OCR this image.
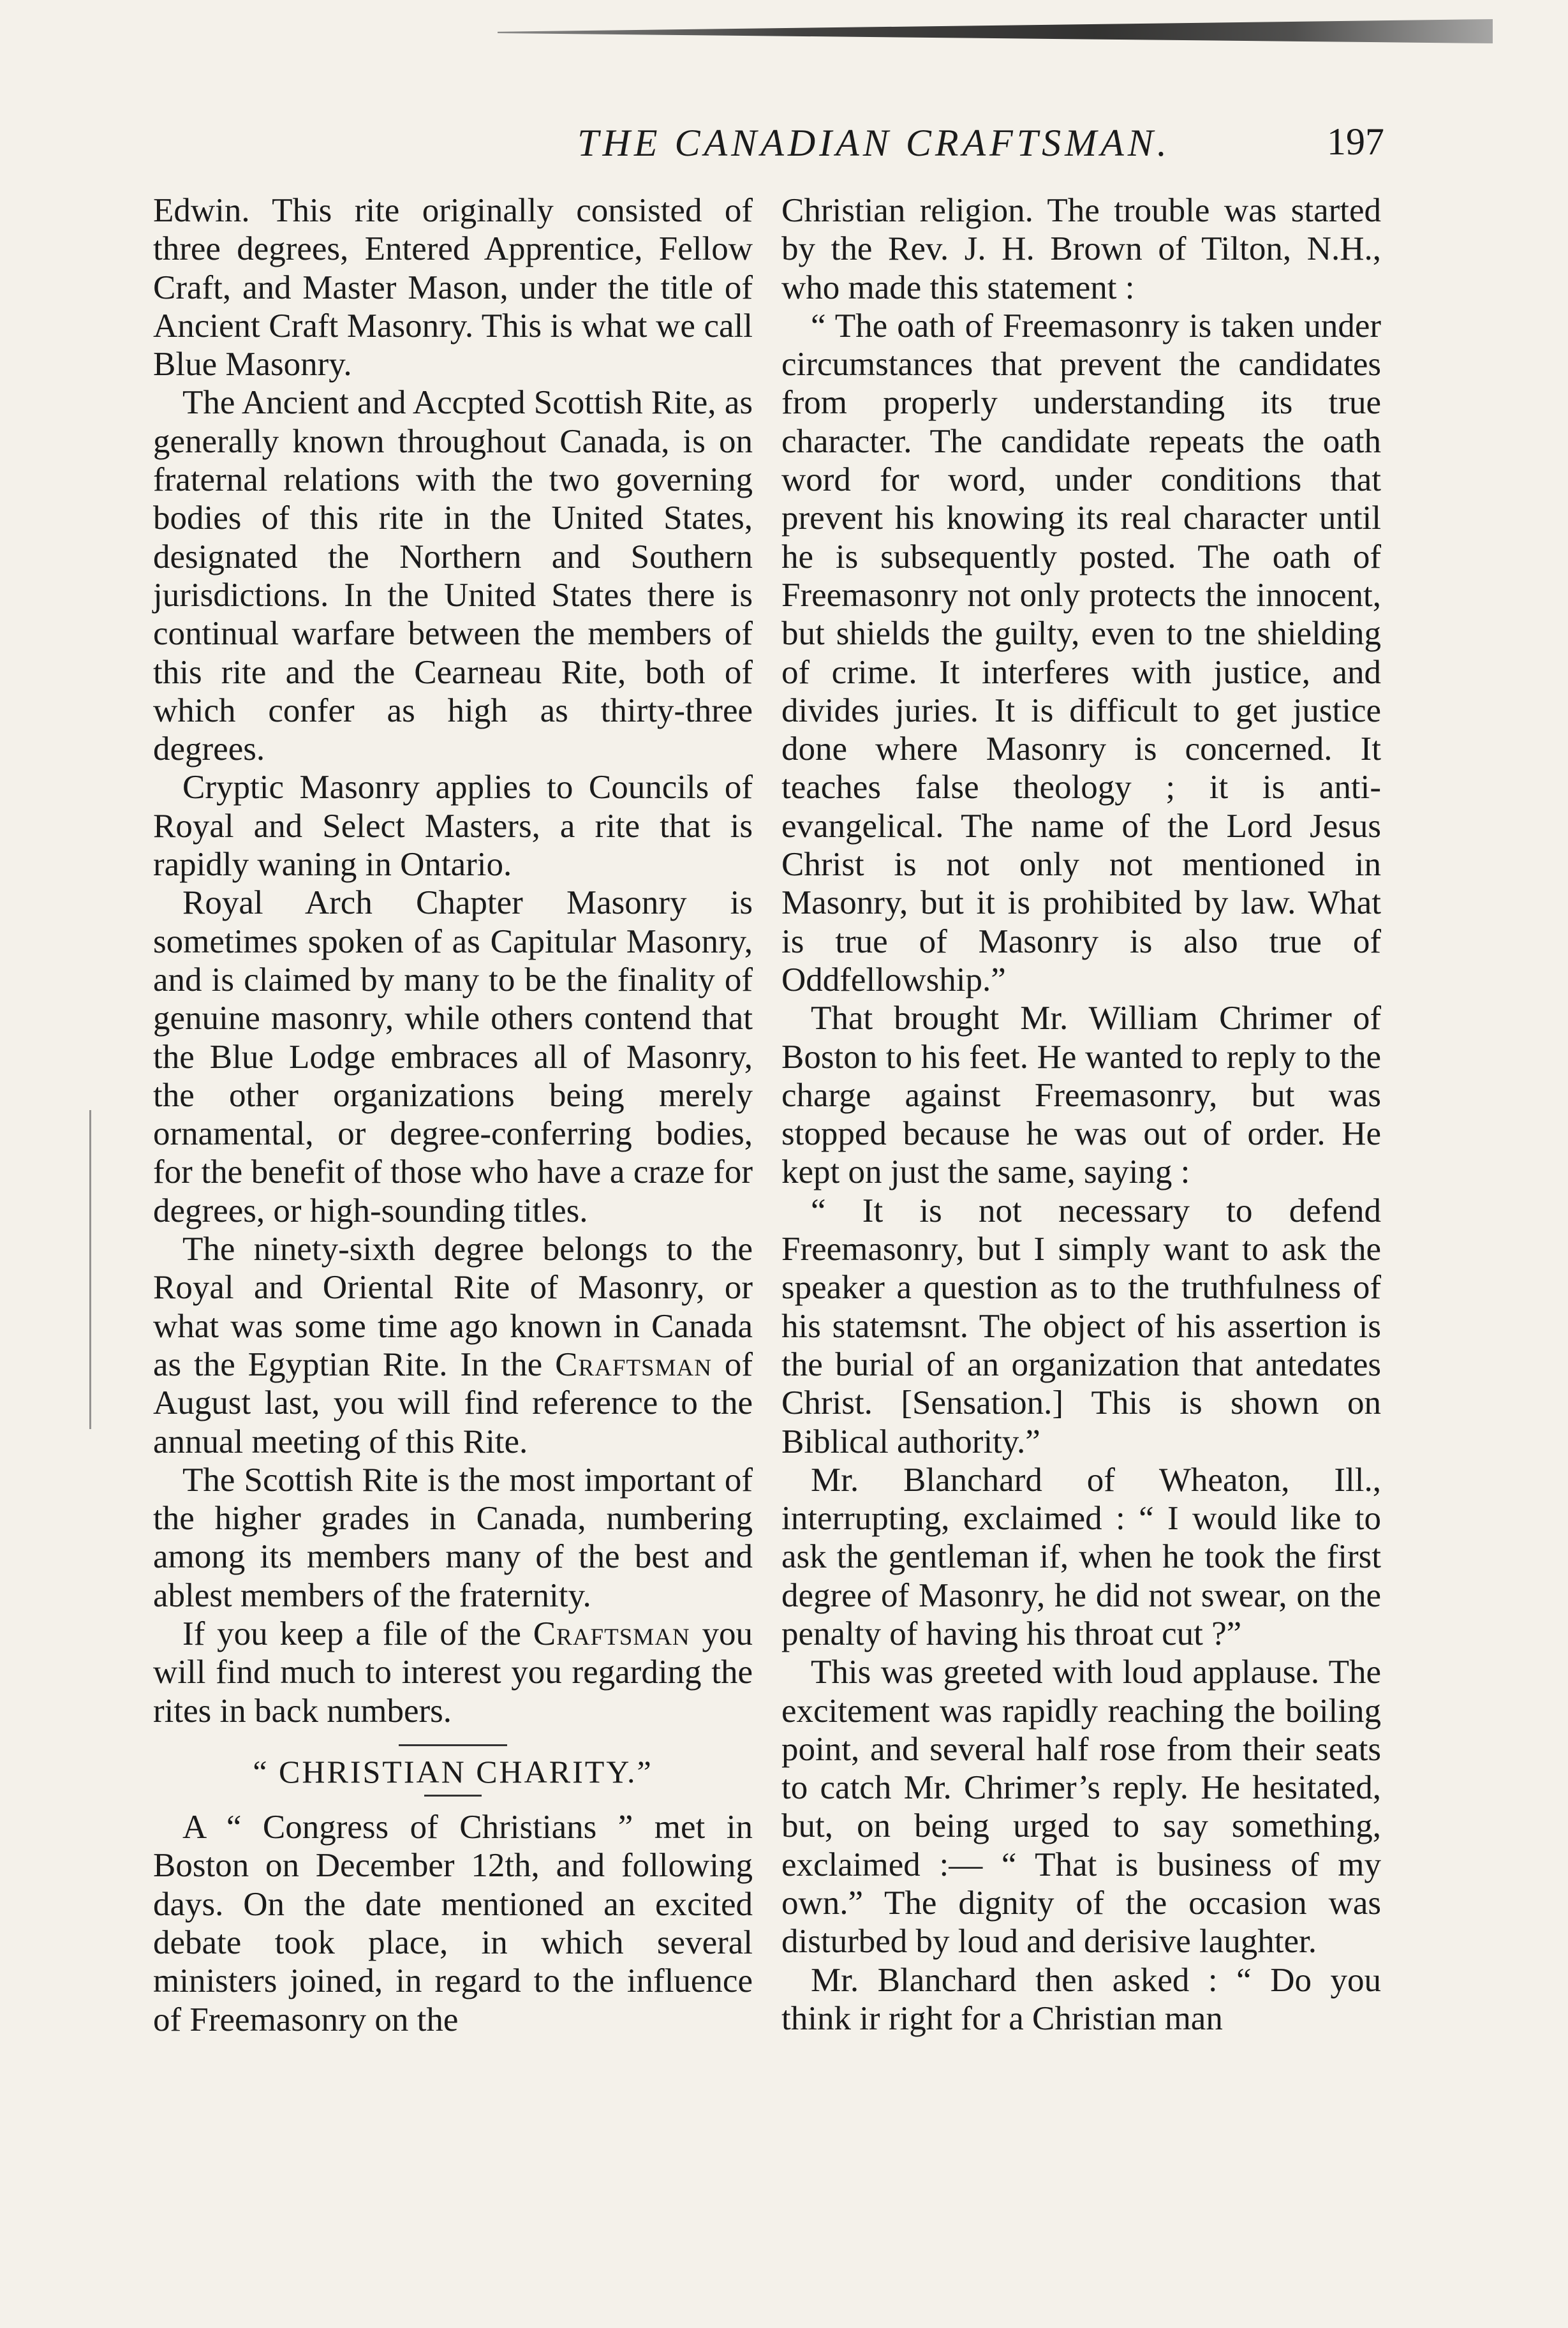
THE CANADIAN CRAFTSMAN.	197

Edwin. This rite originally consisted of three degrees, Entered Apprentice, Fellow Craft, and Master Mason, under the title of Ancient Craft Masonry. This is what we call Blue Masonry.

The Ancient and Accpted Scottish Rite, as generally known throughout Canada, is on fraternal relations with the two governing bodies of this rite in the United States, designated the Northern and Southern jurisdictions. In the United States there is continual warfare between the members of this rite and the Cearneau Rite, both of which confer as high as thirty-three degrees.

Cryptic Masonry applies to Councils of Royal and Select Masters, a rite that is rapidly waning in Ontario.

Royal Arch Chapter Masonry is sometimes spoken of as Capitular Masonry, and is claimed by many to be the finality of genuine masonry, while others contend that the Blue Lodge embraces all of Masonry, the other organizations being merely ornamental, or degree-conferring bodies, for the benefit of those who have a craze for degrees, or high-sounding titles.

The ninety-sixth degree belongs to the Royal and Oriental Rite of Masonry, or what was some time ago known in Canada as the Egyptian Rite. In the Craftsman of August last, you will find reference to the annual meeting of this Rite.

The Scottish Rite is the most important of the higher grades in Canada, numbering among its members many of the best and ablest members of the fraternity.

If you keep a file of the Craftsman you will find much to interest you regarding the rites in back numbers.

“ CHRISTIAN CHARITY.”

A “ Congress of Christians ” met in Boston on December 12th, and following days. On the date mentioned an excited debate took place, in which several ministers joined, in regard to the influence of Freemasonry on the

Christian religion. The trouble was started by the Rev. J. H. Brown of Tilton, N.H., who made this statement :

“ The oath of Freemasonry is taken under circumstances that prevent the candidates from properly understanding its true character. The candidate repeats the oath word for word, under conditions that prevent his knowing its real character until he is subsequently posted. The oath of Freemasonry not only protects the innocent, but shields the guilty, even to tne shielding of crime. It interferes with justice, and divides juries. It is difficult to get justice done where Masonry is concerned. It teaches false theology ; it is anti-evangelical. The name of the Lord Jesus Christ is not only not mentioned in Masonry, but it is prohibited by law. What is true of Masonry is also true of Oddfellowship.”

That brought Mr. William Chrimer of Boston to his feet. He wanted to reply to the charge against Freemasonry, but was stopped because he was out of order. He kept on just the same, saying :

“ It is not necessary to defend Freemasonry, but I simply want to ask the speaker a question as to the truthfulness of his statemsnt. The object of his assertion is the burial of an organization that antedates Christ. [Sensation.] This is shown on Biblical authority.”

Mr. Blanchard of Wheaton, Ill., interrupting, exclaimed : “ I would like to ask the gentleman if, when he took the first degree of Masonry, he did not swear, on the penalty of having his throat cut ?”

This was greeted with loud applause. The excitement was rapidly reaching the boiling point, and several half rose from their seats to catch Mr. Chrimer’s reply. He hesitated, but, on being urged to say something, exclaimed :— “ That is business of my own.” The dignity of the occasion was disturbed by loud and derisive laughter.

Mr. Blanchard then asked : “ Do you think ir right for a Christian man
